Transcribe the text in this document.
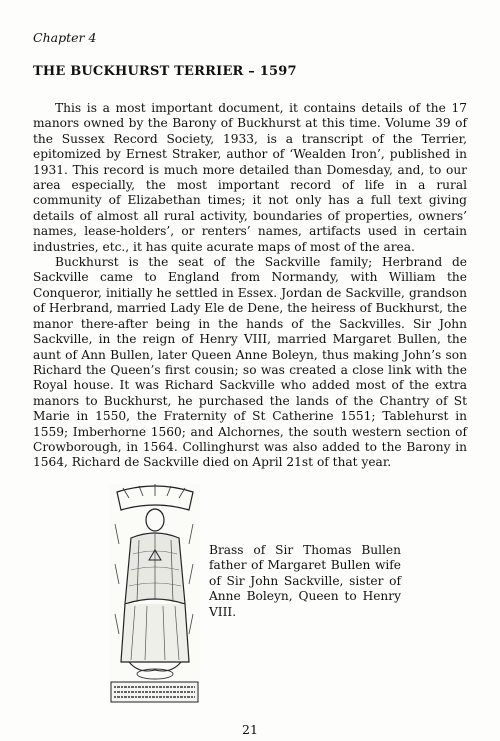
Chapter 4
THE BUCKHURST TERRIER – 1597

This is a most important document, it contains details of the 17 manors owned by the Barony of Buckhurst at this time. Volume 39 of the Sussex Record Society, 1933, is a transcript of the Terrier, epitomized by Ernest Straker, author of ‘Wealden Iron’, published in 1931. This record is much more detailed than Domesday, and, to our area especially, the most important record of life in a rural community of Elizabethan times; it not only has a full text giving details of almost all rural activity, boundaries of properties, owners’ names, lease-holders’, or renters’ names, artifacts used in certain industries, etc., it has quite acurate maps of most of the area.

Buckhurst is the seat of the Sackville family; Herbrand de Sackville came to England from Normandy, with William the Conqueror, initially he settled in Essex. Jordan de Sackville, grandson of Herbrand, married Lady Ele de Dene, the heiress of Buckhurst, the manor there-after being in the hands of the Sackvilles. Sir John Sackville, in the reign of Henry VIII, married Margaret Bullen, the aunt of Ann Bullen, later Queen Anne Boleyn, thus making John’s son Richard the Queen’s first cousin; so was created a close link with the Royal house. It was Richard Sackville who added most of the extra manors to Buckhurst, he purchased the lands of the Chantry of St Marie in 1550, the Fraternity of St Catherine 1551; Tablehurst in 1559; Imberhorne 1560; and Alchornes, the south western section of Crowborough, in 1564. Collinghurst was also added to the Barony in 1564, Richard de Sackville died on April 21st of that year.

Brass of Sir Thomas Bullen father of Margaret Bullen wife of Sir John Sackville, sister of Anne Boleyn, Queen to Henry VIII.
21
